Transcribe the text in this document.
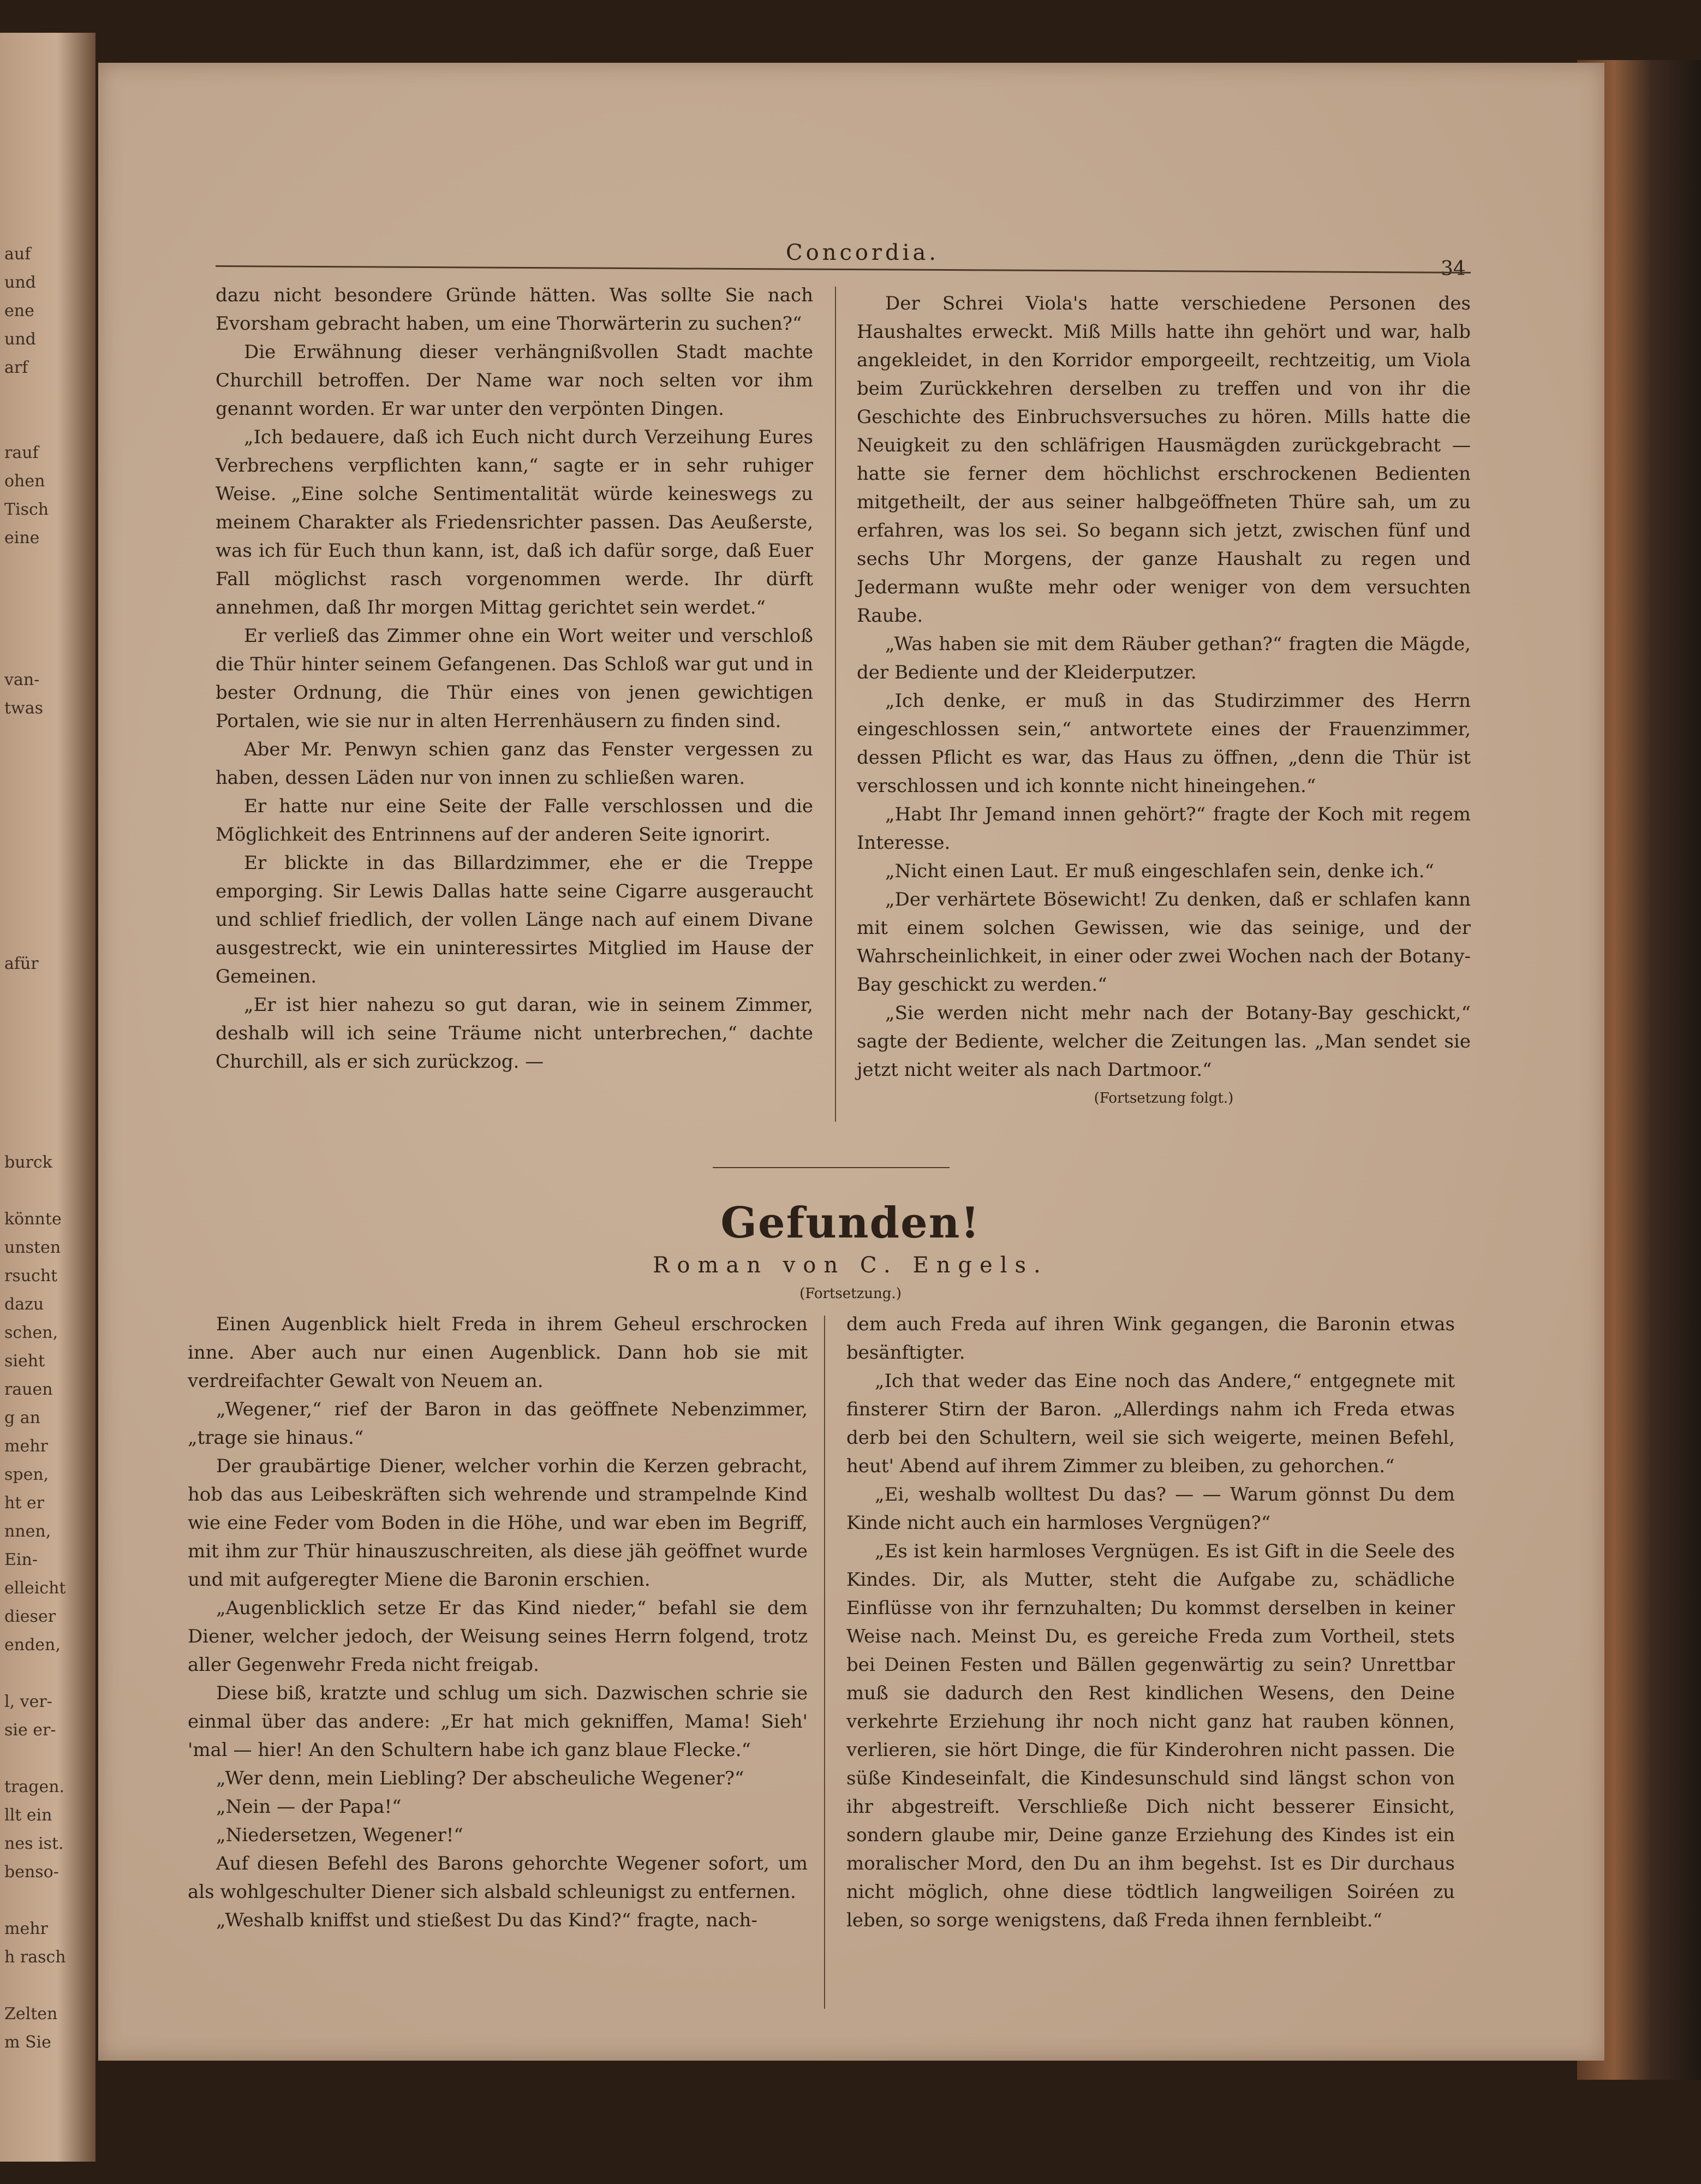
auf
und
ene
und
arf
rauf
ohen
Tisch
eine
van-
twas
afür
burck
könnte
unsten
rsucht
dazu
schen,
sieht
rauen
g an
mehr
spen,
ht er
nnen,
Ein-
elleicht
dieser
enden,
l, ver-
sie er-
tragen.
llt ein
nes ist.
benso-
mehr
h rasch
Zelten
m Sie
Concordia.
34

dazu nicht besondere Gründe hätten. Was sollte Sie nach Evorsham gebracht haben, um eine Thorwärterin zu suchen?“

Die Erwähnung dieser verhängnißvollen Stadt machte Churchill betroffen. Der Name war noch selten vor ihm genannt worden. Er war unter den verpönten Dingen.

„Ich bedauere, daß ich Euch nicht durch Verzeihung Eures Verbrechens verpflichten kann,“ sagte er in sehr ruhiger Weise. „Eine solche Sentimentalität würde keineswegs zu meinem Charakter als Friedensrichter passen. Das Aeußerste, was ich für Euch thun kann, ist, daß ich dafür sorge, daß Euer Fall möglichst rasch vorgenommen werde. Ihr dürft annehmen, daß Ihr morgen Mittag gerichtet sein werdet.“

Er verließ das Zimmer ohne ein Wort weiter und verschloß die Thür hinter seinem Gefangenen. Das Schloß war gut und in bester Ordnung, die Thür eines von jenen gewichtigen Portalen, wie sie nur in alten Herrenhäusern zu finden sind.

Aber Mr. Penwyn schien ganz das Fenster vergessen zu haben, dessen Läden nur von innen zu schließen waren.

Er hatte nur eine Seite der Falle verschlossen und die Möglichkeit des Entrinnens auf der anderen Seite ignorirt.

Er blickte in das Billardzimmer, ehe er die Treppe emporging. Sir Lewis Dallas hatte seine Cigarre ausgeraucht und schlief friedlich, der vollen Länge nach auf einem Divane ausgestreckt, wie ein uninteressirtes Mitglied im Hause der Gemeinen.

„Er ist hier nahezu so gut daran, wie in seinem Zimmer, deshalb will ich seine Träume nicht unterbrechen,“ dachte Churchill, als er sich zurückzog. —

Der Schrei Viola's hatte verschiedene Personen des Haushaltes erweckt. Miß Mills hatte ihn gehört und war, halb angekleidet, in den Korridor emporgeeilt, rechtzeitig, um Viola beim Zurückkehren derselben zu treffen und von ihr die Geschichte des Einbruchsversuches zu hören. Mills hatte die Neuigkeit zu den schläfrigen Hausmägden zurückgebracht — hatte sie ferner dem höchlichst erschrockenen Bedienten mitgetheilt, der aus seiner halbgeöffneten Thüre sah, um zu erfahren, was los sei. So begann sich jetzt, zwischen fünf und sechs Uhr Morgens, der ganze Haushalt zu regen und Jedermann wußte mehr oder weniger von dem versuchten Raube.

„Was haben sie mit dem Räuber gethan?“ fragten die Mägde, der Bediente und der Kleiderputzer.

„Ich denke, er muß in das Studirzimmer des Herrn eingeschlossen sein,“ antwortete eines der Frauenzimmer, dessen Pflicht es war, das Haus zu öffnen, „denn die Thür ist verschlossen und ich konnte nicht hineingehen.“

„Habt Ihr Jemand innen gehört?“ fragte der Koch mit regem Interesse.

„Nicht einen Laut. Er muß eingeschlafen sein, denke ich.“

„Der verhärtete Bösewicht! Zu denken, daß er schlafen kann mit einem solchen Gewissen, wie das seinige, und der Wahrscheinlichkeit, in einer oder zwei Wochen nach der Botany-Bay geschickt zu werden.“

„Sie werden nicht mehr nach der Botany-Bay geschickt,“ sagte der Bediente, welcher die Zeitungen las. „Man sendet sie jetzt nicht weiter als nach Dartmoor.“

(Fortsetzung folgt.)

Gefunden!
Roman von C. Engels.
(Fortsetzung.)

Einen Augenblick hielt Freda in ihrem Geheul erschrocken inne. Aber auch nur einen Augenblick. Dann hob sie mit verdreifachter Gewalt von Neuem an.

„Wegener,“ rief der Baron in das geöffnete Nebenzimmer, „trage sie hinaus.“

Der graubärtige Diener, welcher vorhin die Kerzen gebracht, hob das aus Leibeskräften sich wehrende und strampelnde Kind wie eine Feder vom Boden in die Höhe, und war eben im Begriff, mit ihm zur Thür hinauszuschreiten, als diese jäh geöffnet wurde und mit aufgeregter Miene die Baronin erschien.

„Augenblicklich setze Er das Kind nieder,“ befahl sie dem Diener, welcher jedoch, der Weisung seines Herrn folgend, trotz aller Gegenwehr Freda nicht freigab.

Diese biß, kratzte und schlug um sich. Dazwischen schrie sie einmal über das andere: „Er hat mich gekniffen, Mama! Sieh' 'mal — hier! An den Schultern habe ich ganz blaue Flecke.“

„Wer denn, mein Liebling? Der abscheuliche Wegener?“

„Nein — der Papa!“

„Niedersetzen, Wegener!“

Auf diesen Befehl des Barons gehorchte Wegener sofort, um als wohlgeschulter Diener sich alsbald schleunigst zu entfernen.

„Weshalb kniffst und stießest Du das Kind?“ fragte, nach-

dem auch Freda auf ihren Wink gegangen, die Baronin etwas besänftigter.

„Ich that weder das Eine noch das Andere,“ entgegnete mit finsterer Stirn der Baron. „Allerdings nahm ich Freda etwas derb bei den Schultern, weil sie sich weigerte, meinen Befehl, heut' Abend auf ihrem Zimmer zu bleiben, zu gehorchen.“

„Ei, weshalb wolltest Du das? — — Warum gönnst Du dem Kinde nicht auch ein harmloses Vergnügen?“

„Es ist kein harmloses Vergnügen. Es ist Gift in die Seele des Kindes. Dir, als Mutter, steht die Aufgabe zu, schädliche Einflüsse von ihr fernzuhalten; Du kommst derselben in keiner Weise nach. Meinst Du, es gereiche Freda zum Vortheil, stets bei Deinen Festen und Bällen gegenwärtig zu sein? Unrettbar muß sie dadurch den Rest kindlichen Wesens, den Deine verkehrte Erziehung ihr noch nicht ganz hat rauben können, verlieren, sie hört Dinge, die für Kinderohren nicht passen. Die süße Kindeseinfalt, die Kindesunschuld sind längst schon von ihr abgestreift. Verschließe Dich nicht besserer Einsicht, sondern glaube mir, Deine ganze Erziehung des Kindes ist ein moralischer Mord, den Du an ihm begehst. Ist es Dir durchaus nicht möglich, ohne diese tödtlich langweiligen Soiréen zu leben, so sorge wenigstens, daß Freda ihnen fernbleibt.“
